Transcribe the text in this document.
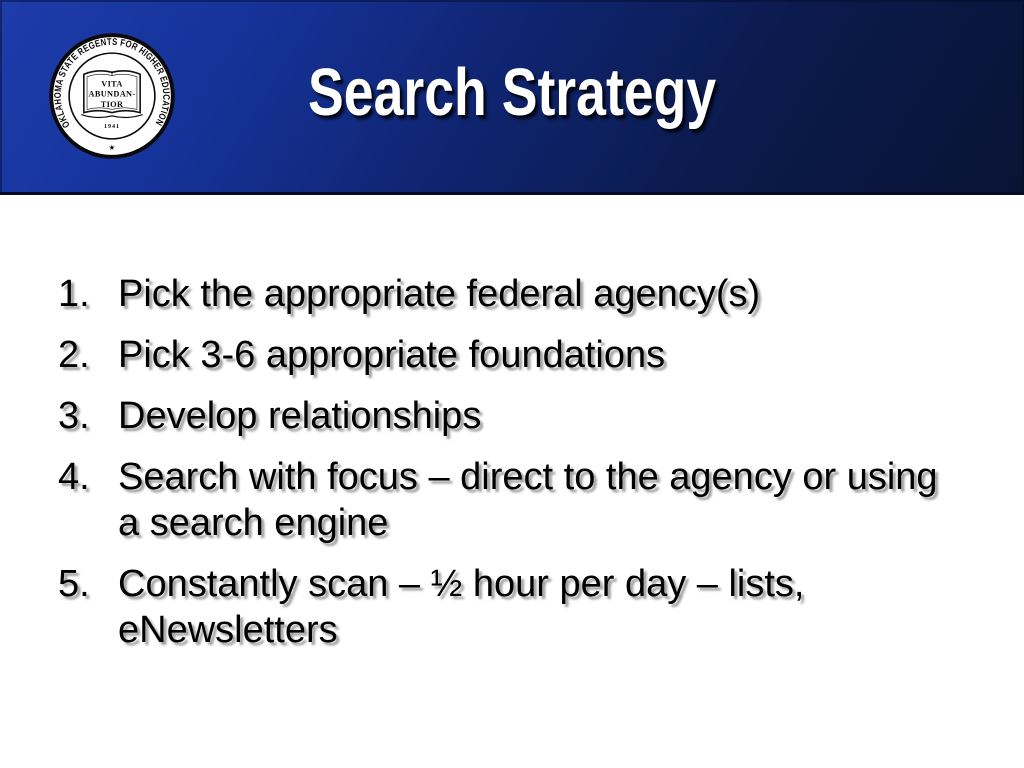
OKLAHOMA STATE REGENTS FOR HIGHER EDUCATION
★
VITA
ABUNDAN-
TIOR
1941	Search Strategy
1. Pick the appropriate federal agency(s)
2. Pick 3-6 appropriate foundations
3. Develop relationships
4. Search with focus – direct to the agency or using a search engine
5. Constantly scan – ½ hour per day – lists, eNewsletters
